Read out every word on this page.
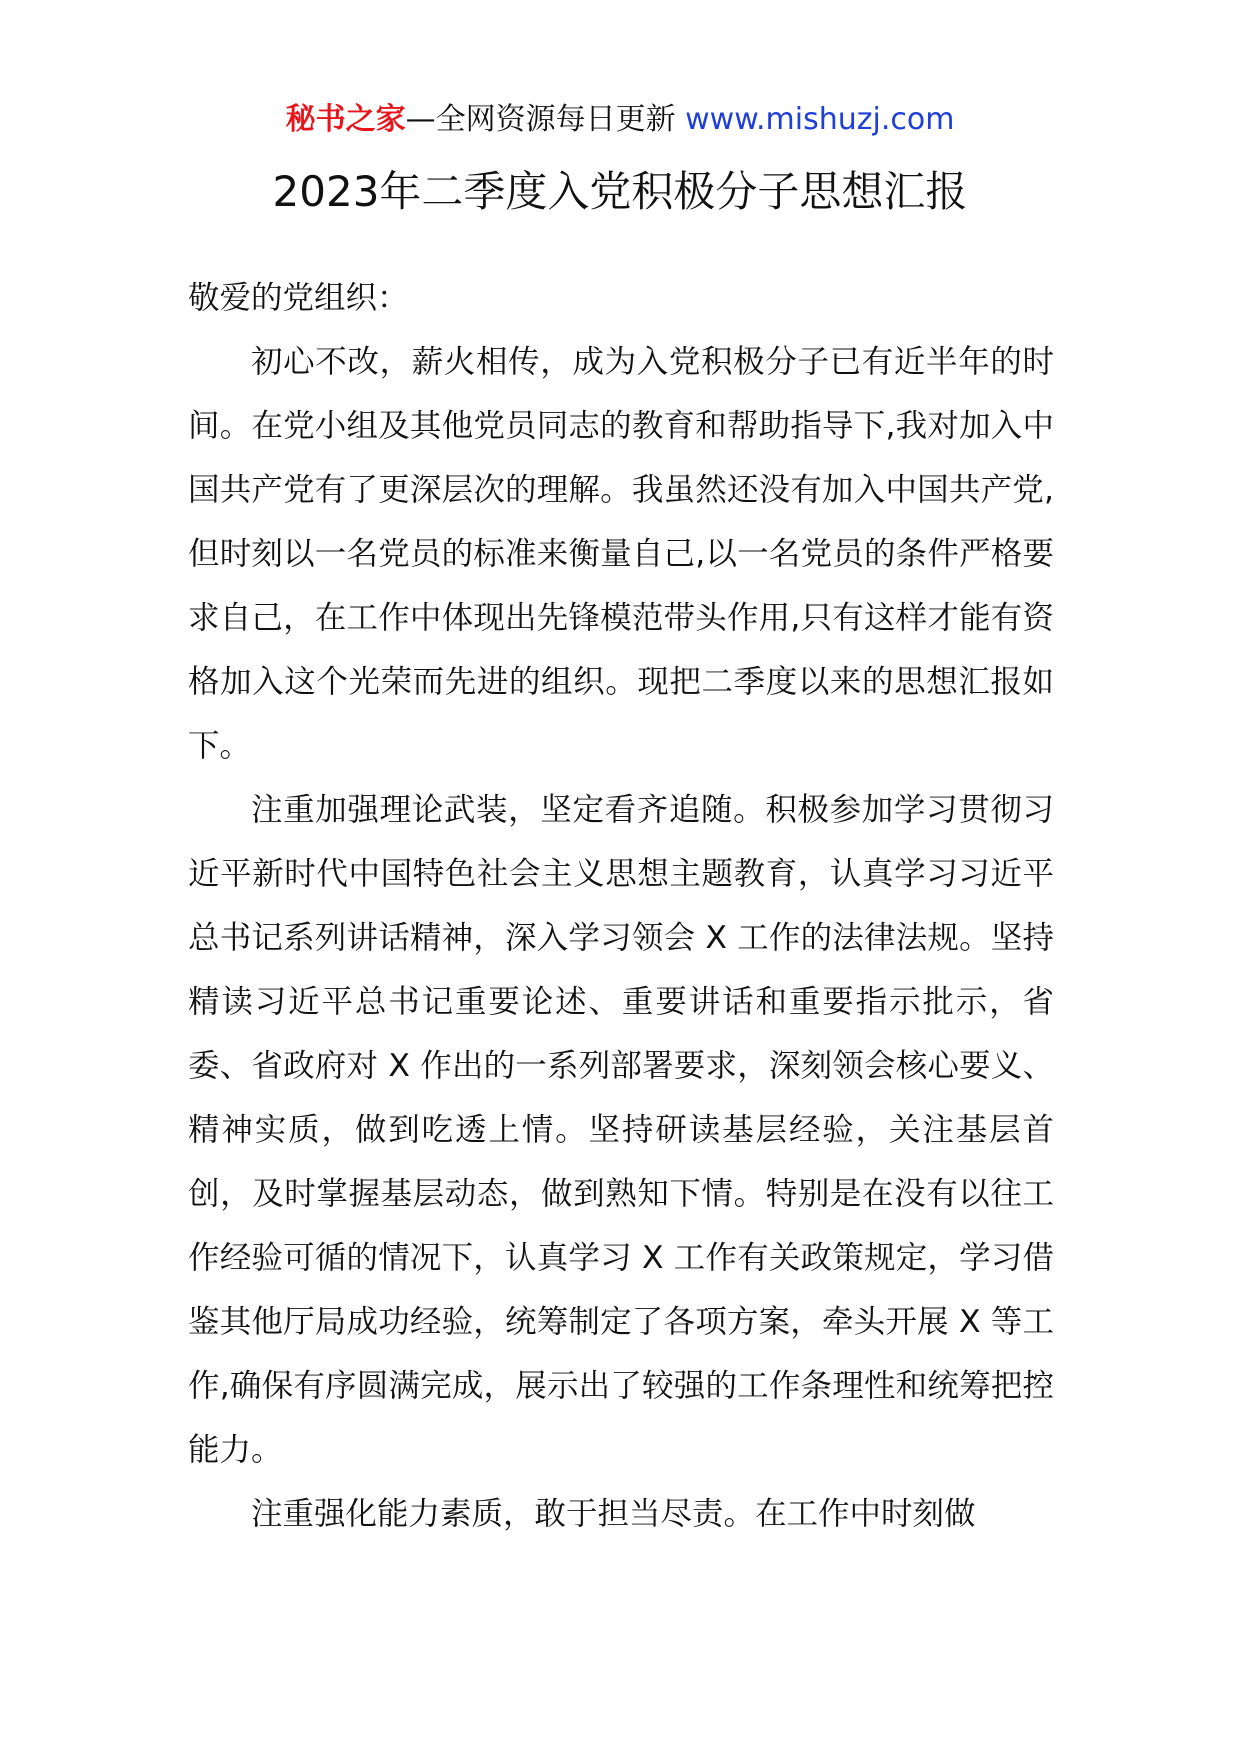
秘书之家—全网资源每日更新 www.mishuzj.com
2023年二季度入党积极分子思想汇报

敬爱的党组织：

初心不改，薪火相传，成为入党积极分子已有近半年的时间。在党小组及其他党员同志的教育和帮助指导下,我对加入中国共产党有了更深层次的理解。我虽然还没有加入中国共产党,但时刻以一名党员的标准来衡量自己,以一名党员的条件严格要求自己，在工作中体现出先锋模范带头作用,只有这样才能有资格加入这个光荣而先进的组织。现把二季度以来的思想汇报如下。

注重加强理论武装，坚定看齐追随。积极参加学习贯彻习近平新时代中国特色社会主义思想主题教育，认真学习习近平总书记系列讲话精神，深入学习领会 X 工作的法律法规。坚持精读习近平总书记重要论述、重要讲话和重要指示批示，省委、省政府对 X 作出的一系列部署要求，深刻领会核心要义、精神实质，做到吃透上情。坚持研读基层经验，关注基层首创，及时掌握基层动态，做到熟知下情。特别是在没有以往工作经验可循的情况下，认真学习 X 工作有关政策规定，学习借鉴其他厅局成功经验，统筹制定了各项方案，牵头开展 X 等工作,确保有序圆满完成，展示出了较强的工作条理性和统筹把控能力。

注重强化能力素质，敢于担当尽责。在工作中时刻做
